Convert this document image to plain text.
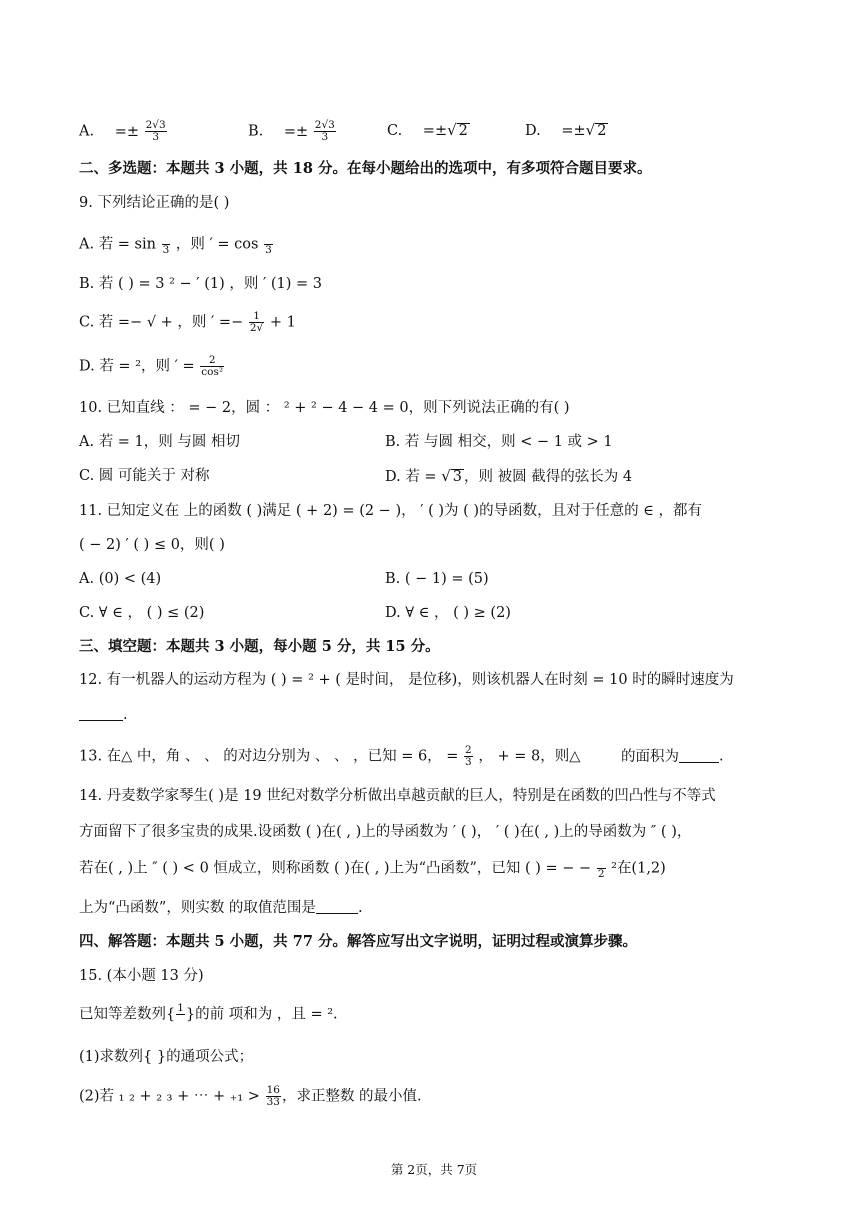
A. =± $\frac{2√3}{3}$	B. =± $\frac{2√3}{3}$	C. =±√ 2	D. =±√ 2
二、多选题：本题共 3 小题，共 18 分。在每小题给出的选项中，有多项符合题目要求。
9. 下列结论正确的是( )
A. 若 = sin
3 ，则 ′ = cos
3
B. 若 ( ) = 3 ² − ′ (1) ，则 ′ (1) = 3
C. 若 =− √ + ，则 ′ =− $\frac{1}{2√} + 1$
D. 若 = ²，则 ′ = $\frac{2}{\text{cos²}}$
10. 已知直线 ： = − 2，圆 ： ² + ² − 4 − 4 = 0，则下列说法正确的有( )
A. 若 = 1，则 与圆 相切	B. 若 与圆 相交，则 < − 1 或 > 1
C. 圆 可能关于 对称	D. 若 = √ 3 ，则 被圆 截得的弦长为 4
11. 已知定义在 上的函数 ( )满足 ( + 2) = (2 − )， ′ ( )为 ( )的导函数，且对于任意的 ∈ ，都有
( − 2) ′ ( ) ≤ 0，则( )
A. (0) < (4)	B. ( − 1) = (5)
C. ∀ ∈ ， ( ) ≤ (2)	D. ∀ ∈ ， ( ) ≥ (2)
三、填空题：本题共 3 小题，每小题 5 分，共 15 分。
12. 有一机器人的运动方程为 ( ) = ² + ( 是时间， 是位移)，则该机器人在时刻 = 10 时的瞬时速度为
.
13. 在△ 中，角 、 、 的对边分别为 、 、 ，已知 = 6， = $\frac{2}{3}$ ， + = 8，则△	的面积为	.
14. 丹麦数学家琴生( )是 19 世纪对数学分析做出卓越贡献的巨人，特别是在函数的凹凸性与不等式
方面留下了很多宝贵的成果.设函数 ( )在( , )上的导函数为 ′ ( )， ′ ( )在( , )上的导函数为 ″ ( )，
若在( , )上 ″ ( ) < 0 恒成立，则称函数 ( )在( , )上为“凸函数”，已知 ( ) = − −
2 ²在(1,2)
上为“凸函数”，则实数 的取值范围是	.
四、解答题：本题共 5 小题，共 77 分。解答应写出文字说明，证明过程或演算步骤。
15. (本小题 13 分)
已知等差数列{ 1
}的前 项和为 ，且 = ².
(1)求数列{ }的通项公式；
(2)若 ₁ ₂ + ₂ ₃ + ⋯ + $_{+1} > \frac{16}{33}$ ，求正整数 的最小值.
第 2页，共 7页
